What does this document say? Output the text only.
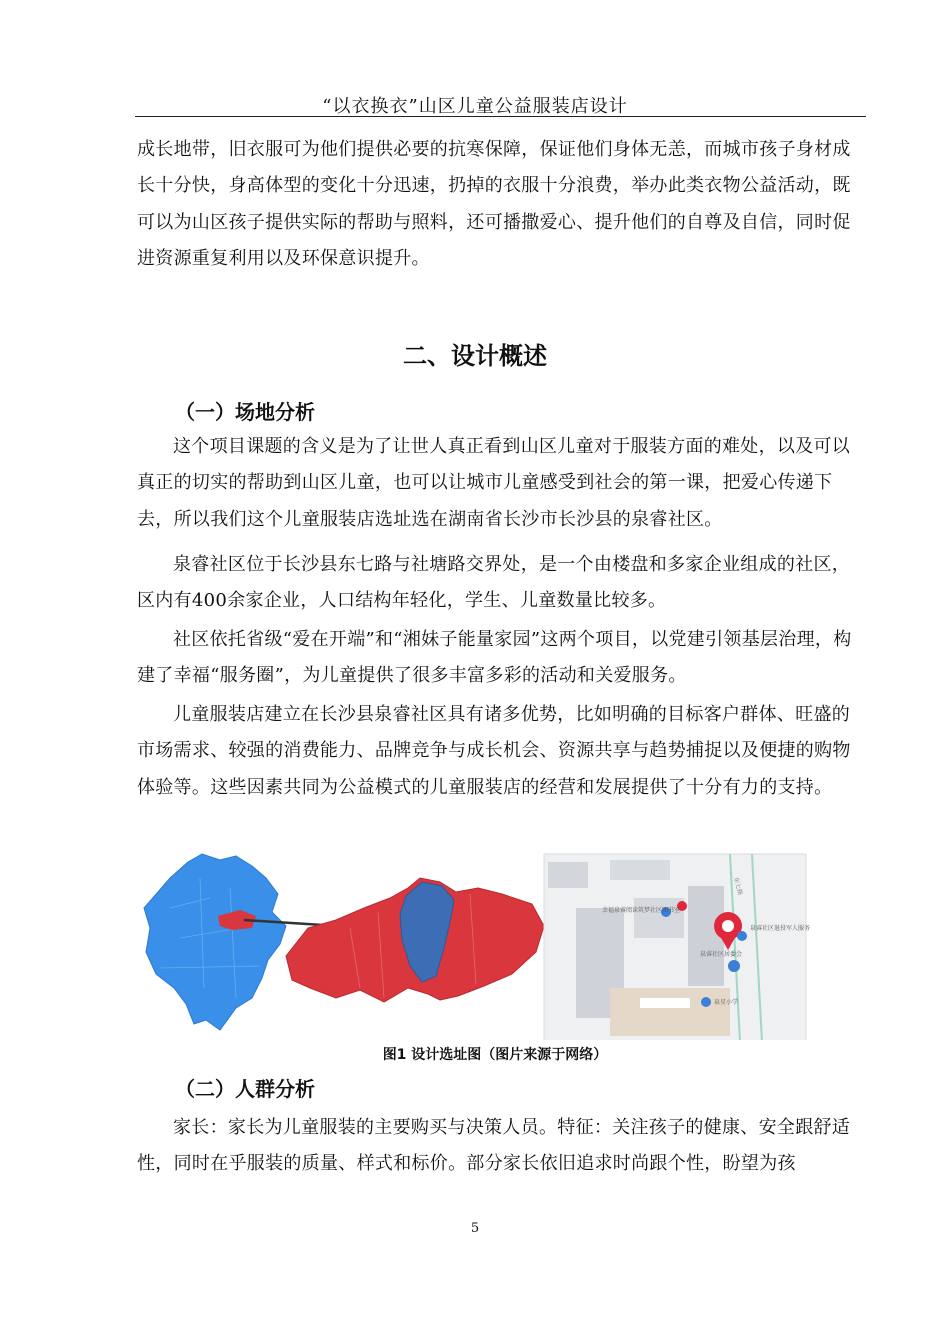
“以衣换衣”山区儿童公益服装店设计

成长地带，旧衣服可为他们提供必要的抗寒保障，保证他们身体无恙，而城市孩子身材成长十分快，身高体型的变化十分迅速，扔掉的衣服十分浪费，举办此类衣物公益活动，既可以为山区孩子提供实际的帮助与照料，还可播撒爱心、提升他们的自尊及自信，同时促进资源重复利用以及环保意识提升。

二、设计概述
（一）场地分析

这个项目课题的含义是为了让世人真正看到山区儿童对于服装方面的难处，以及可以真正的切实的帮助到山区儿童，也可以让城市儿童感受到社会的第一课，把爱心传递下去，所以我们这个儿童服装店选址选在湖南省长沙市长沙县的泉睿社区。

泉睿社区位于长沙县东七路与社塘路交界处，是一个由楼盘和多家企业组成的社区，区内有400余家企业，人口结构年轻化，学生、儿童数量比较多。

社区依托省级“爱在开端”和“湘妹子能量家园”这两个项目，以党建引领基层治理，构建了幸福“服务圈”，为儿童提供了很多丰富多彩的活动和关爱服务。

儿童服装店建立在长沙县泉睿社区具有诸多优势，比如明确的目标客户群体、旺盛的市场需求、较强的消费能力、品牌竞争与成长机会、资源共享与趋势捕捉以及便捷的购物体验等。这些因素共同为公益模式的儿童服装店的经营和发展提供了十分有力的支持。

幸福泉睿阅读筑梦社区图书室
泉睿社区居委会
泉睿社区退役军人服务站
泉星小学
东七路
图1 设计选址图（图片来源于网络）
（二）人群分析

家长：家长为儿童服装的主要购买与决策人员。特征：关注孩子的健康、安全跟舒适性，同时在乎服装的质量、样式和标价。部分家长依旧追求时尚跟个性，盼望为孩

5
